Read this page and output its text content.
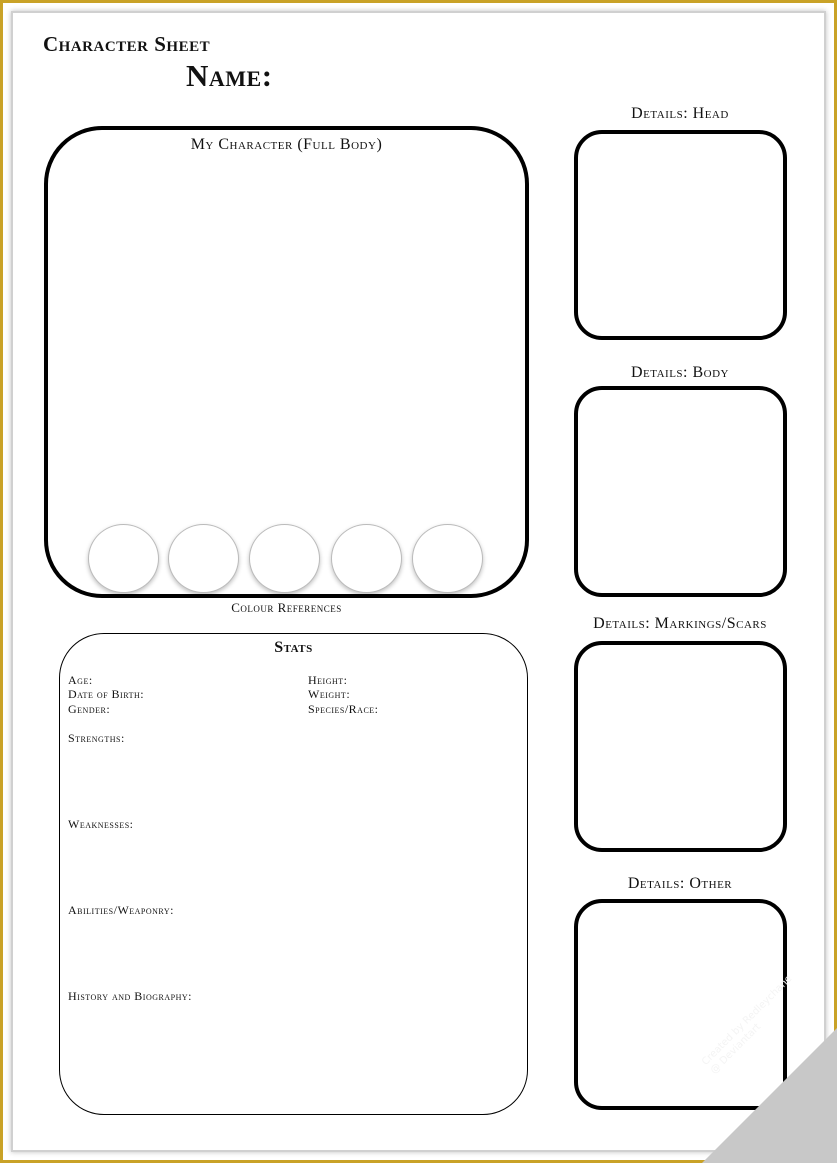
Character Sheet
Name:
My Character (Full Body)
Colour References
Stats
Age:
Date of Birth:
Gender:
Height:
Weight:
Species/Race:
Strengths:
Weaknesses:
Abilities/Weaponry:
History and Biography:
Details: Head
Details: Body
Details: Markings/Scars
Details: Other
Created by Redleychane
@ Deviantart
